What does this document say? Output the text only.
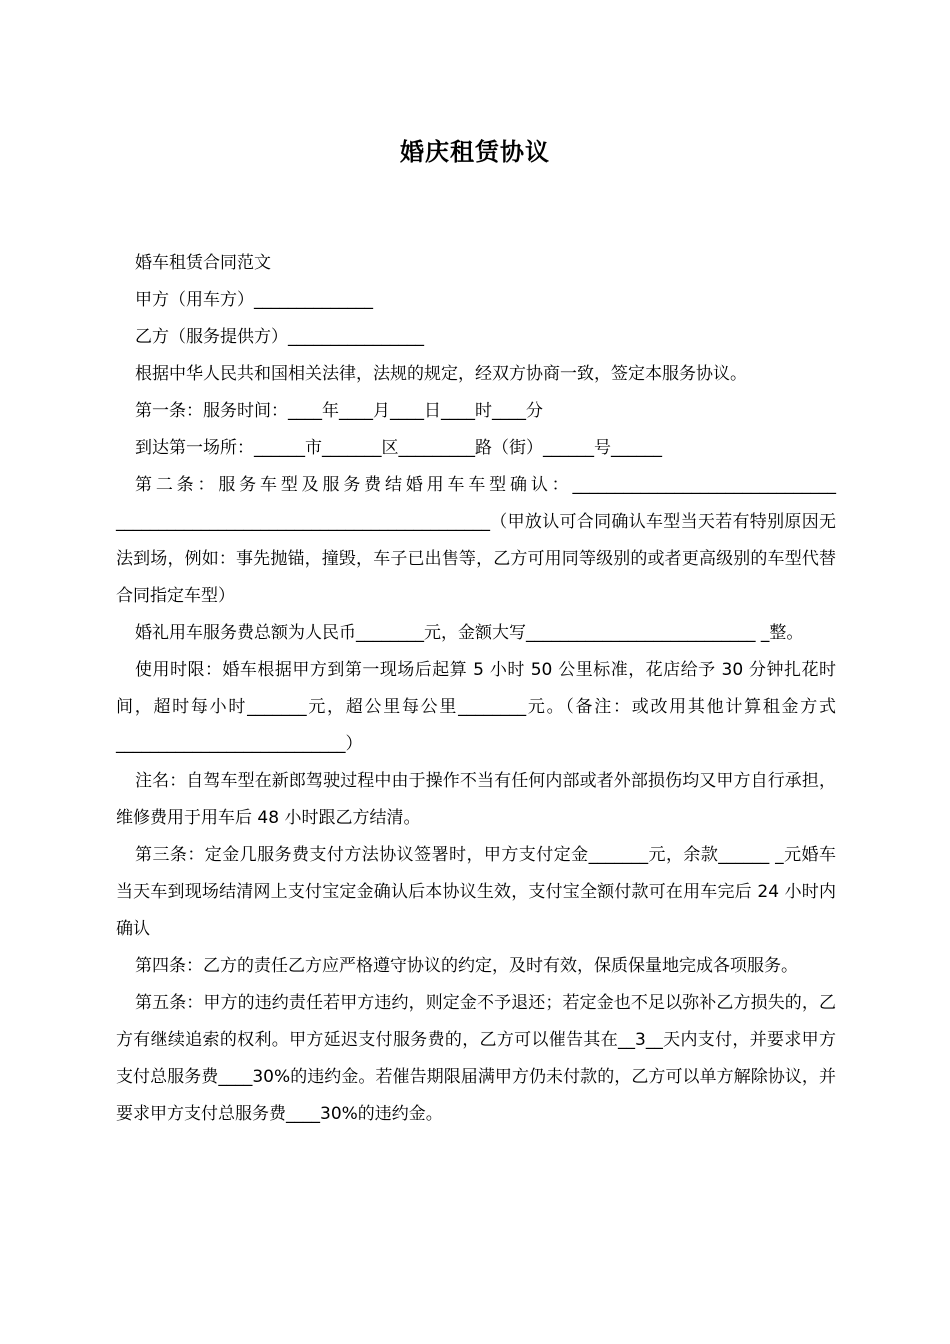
婚庆租赁协议

婚车租赁合同范文

甲方（用车方）______________

乙方（服务提供方）________________

根据中华人民共和国相关法律，法规的规定，经双方协商一致，签定本服务协议。

第一条：服务时间：____年____月____日____时____分

到达第一场所：______市_______区_________路（街）______号______

第二条：服务车型及服务费结婚用车车型确认：_______________________________ ____________________________________________（甲放认可合同确认车型当天若有特别原因无法到场，例如：事先抛锚，撞毁，车子已出售等，乙方可用同等级别的或者更高级别的车型代替合同指定车型）

婚礼用车服务费总额为人民币________元，金额大写___________________________ _整。

使用时限：婚车根据甲方到第一现场后起算 5 小时 50 公里标准，花店给予 30 分钟扎花时间，超时每小时_______元，超公里每公里________元。（备注：或改用其他计算租金方式___________________________）

注名：自驾车型在新郎驾驶过程中由于操作不当有任何内部或者外部损伤均又甲方自行承担，维修费用于用车后 48 小时跟乙方结清。

第三条：定金几服务费支付方法协议签署时，甲方支付定金_______元，余款______ _元婚车当天车到现场结清网上支付宝定金确认后本协议生效，支付宝全额付款可在用车完后 24 小时内确认

第四条：乙方的责任乙方应严格遵守协议的约定，及时有效，保质保量地完成各项服务。

第五条：甲方的违约责任若甲方违约，则定金不予退还；若定金也不足以弥补乙方损失的，乙方有继续追索的权利。甲方延迟支付服务费的，乙方可以催告其在__3__天内支付，并要求甲方支付总服务费____30%的违约金。若催告期限届满甲方仍未付款的，乙方可以单方解除协议，并要求甲方支付总服务费____30%的违约金。
